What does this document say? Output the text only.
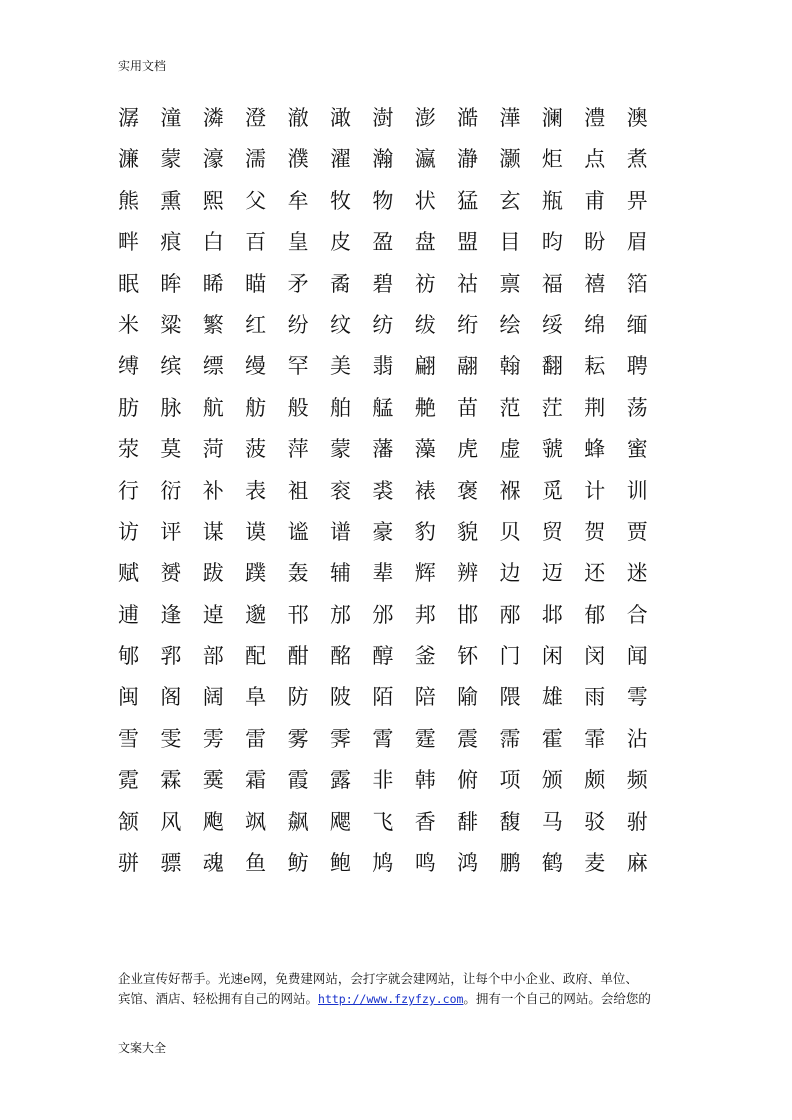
实用文档
潺	潼	潾	澄	澈	澉	澍	澎	澔	澕	澜	澧	澳
濂	蒙	濠	濡	濮	濯	瀚	瀛	瀞	灏	炬	点	煮
熊	熏	熙	父	牟	牧	物	状	猛	玄	瓶	甫	畀
畔	痕	白	百	皇	皮	盈	盘	盟	目	昀	盼	眉
眠	眸	睎	瞄	矛	矞	碧	祊	祜	禀	福	禧	箔
米	粱	繁	红	纷	纹	纺	绂	绗	绘	绥	绵	缅
缚	缤	缥	缦	罕	美	翡	翩	翮	翰	翻	耘	聘
肪	脉	航	舫	般	舶	艋	艴	苗	范	茳	荆	荡
荥	莫	菏	菠	萍	蒙	藩	藻	虎	虚	虢	蜂	蜜
行	衍	补	表	袓	衮	裘	裱	褒	褓	觅	计	训
访	评	谋	谟	谧	谱	豪	豹	貌	贝	贸	贺	贾
赋	赟	跋	蹼	轰	辅	辈	辉	辨	边	迈	还	迷
逋	逢	逴	邈	邗	邡	邠	邦	邯	邴	邶	郁	合
郇	郛	部	配	酣	酩	醇	釜	钚	门	闲	闵	闻
闽	阁	阔	阜	防	陂	陌	陪	隃	隈	雄	雨	雩
雪	雯	雱	雷	雾	霁	霄	霆	震	霈	霍	霏	沾
霓	霖	霙	霜	霞	露	非	韩	俯	项	颁	颇	频
颔	风	飑	飒	飙	飔	飞	香	馡	馥	马	驳	驸
骈	骠	魂	鱼	鲂	鲍	鸠	鸣	鸿	鹏	鹤	麦	麻
企业宣传好帮手。光速e网，免费建网站，会打字就会建网站，让每个中小企业、政府、单位、
宾馆、酒店、轻松拥有自己的网站。http://www.fzyfzy.com。拥有一个自己的网站。会给您的
文案大全
